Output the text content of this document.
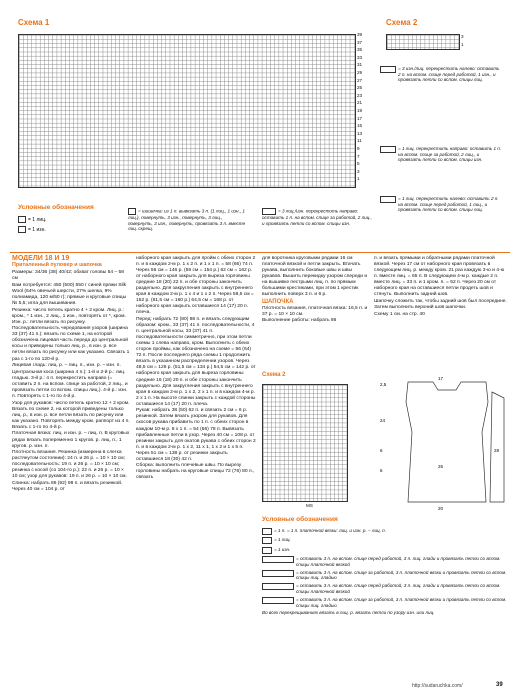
Схема 1
39
37
35
33
31
29
27
25
23
21
19
17
15
13
11
9
7
5
3
1
Схема 2
3
1
= 3 изн./лиц. перекрестить налево: оставить 2 п. на вспом. спице перед работой, 1 изн., и провязать петли со вспом. спицы лиц.
= 1 лиц. перекрестить направо: оставить 1 п. на вспом. спице за работой, 2 лиц., и провязать петли со вспом. спицы изн.
= 1 лиц. перекрестить налево: оставить 2 п. на вспом. спице перед работой, 1 лиц., и провязать петли со вспом. спицы лиц.
Условные обозначения
= 1 лиц.
= 1 изн.
= шишечка: из 1 п. вывязать 3 п. (1 лиц., 1 изн., 1 лиц.), повернуть, 3 изн., повернуть, 3 лиц., повернуть, 3 изн., повернуть, провязать 3 п. вместе лиц. скрещ.
= 3 лиц./изн. перекрестить направо: оставить 1 п. на вспом. спице за работой, 2 лиц., и провязать петли со вспом. спицы изн.
МОДЕЛИ 18 И 19
Приталенный пуловер и шапочка

Размеры: 34/36 (38) 40/42; обхват головы 54 – 58 см

Вам потребуется: 450 (500) 550 г синей пряжи Silk Wool (64% овечьей шерсти, 27% шелка, 9% полиамида, 120 м/50 г); прямые и круговые спицы № 5,5; игла для вышивания.

Резинка: число петель кратно 4 + 2 кром. Лиц. р.: кром., * 1 изн., 2 лиц., 1 изн., повторять от *, кром. Изн. р.: петли вязать по рисунку.

Последовательность чередования узоров (ширина 33 (37) 41 п.): вязать по схеме 1, на которой обозначена лицевая часть переда до центральной косы и приведены только лиц. р., в изн. р. все петли вязать по рисунку или как указано. Связать 1 раз с 1-го по 120-й р.

Лицевая гладь: лиц. р. – лиц. п., изн. р. – изн. п.

Центральная коса (ширина 4 п.): 1-й и 2-й р.: лиц. гладью. 3-й р.: 4 п. перекрестить направо (= оставить 2 п. на вспом. спице за работой, 2 лиц., и провязать петли со вспом. спицы лиц.). 4-й р.: изн. п. Повторять с 1-го по 4-й р.

Узор для рукавов: число петель кратно 12 + 2 кром. Вязать по схеме 2, на которой приведены только лиц. р., в изн. р. все петли вязать по рисунку или как указано. Повторять между кром. раппорт из 4 п. Вязать с 1-го по 4-й р.

Платочная вязка: лиц. и изн. р. – лиц. п. В круговых рядах вязать попеременно 1 кругов. р. лиц. п., 1 кругов. р. изн. п.

Плотность вязания. Резинка (измерена в слегка растянутом состоянии): 24 п. и 26 р. = 10 × 10 см; последовательность: 19 п. и 26 р. = 10 × 10 см; резинка с косой (со 104-го р.): 22 п. и 26 р. = 10 × 10 см; узор для рукавов: 19 п. и 26 р. = 10 × 10 см.

Спинка: набрать 86 (92) 98 п. и вязать резинкой. Через 40 см = 104 р. от

наборного края закрыть для пройм с обеих сторон 2 п. и в каждом 2-м р. 1 х 2 п. и 1 х 1 п. = 58 (66) 74 п. Через 56 см = 146 р. (59 см = 154 р.) 62 см = 162 р. от наборного края закрыть для выреза горловины средние 18 (20) 22 п. и обе стороны закончить раздельно. Для закругления закрыть с внутреннего края в каждом 2-м р. 1 х 4 и 1 х 2 п. Через 58,5 см = 152 р. (61,5 см = 160 р.) 64,5 см = 168 р. от наборного края закрыть оставшиеся 14 (17) 20 п. плеча.

Перед: набрать 72 (80) 88 п. и вязать следующим образом: кром., 33 (37) 41 п. последовательности, 4 п. центральной косы, 33 (37) 41 п. последовательности симметрично, при этом петли схемы 1 слева направо, кром. Выполнить с обеих сторон проймы, как обозначено на схеме = 56 (64) 72 п. После последнего ряда схемы 1 продолжить вязать в указанном распределении узоров. Через 48,5 см = 126 р. (51,5 см = 134 р.) 54,5 см = 142 р. от наборного края закрыть для выреза горловины средние 16 (18) 20 п. и обе стороны закончить раздельно. Для закругления закрыть с внутреннего края в каждом 2-м р. 1 х 2, 2 х 1 п. и в каждом 4-м р. 2 х 1 п. На высоте спинки закрыть с каждой стороны оставшиеся 14 (17) 20 п. плеча.

Рукав: набрать 38 (50) 62 п. и связать 2 см = 6 р. резинкой. Затем вязать узором для рукавов. Для скосов рукава прибавить по 1 п. с обеих сторон в каждом 10-м р. 8 х 1 п. = 54 (66) 78 п. Вывязать прибавленные петли в узор. Через 40 см = 108 р. от резинки закрыть для окатов рукава с обеих сторон 2 п. и в каждом 2-м р. 1 х 2, 11 х 1, 1 х 2 и 1 х 5 п. Через 51 см = 138 р. от резинки закрыть оставшиеся 18 (30) 42 п.

Сборка: выполнить плечевые швы. По вырезу горловины набрать на круговые спицы 72 (76) 80 п., связать

для воротника круговыми рядами 16 см платочной вязкой и петли закрыть. Втачать рукава, выполнить боковые швы и швы рукавов. Вышить перекидку узором спереди и на вышивке пестрыми лиц. п. по прямым большими крестиками, при этом 1 крестик выполнить поверх 3 п. и 6 р.

ШАПОЧКА

Плотность вязания, платочная вязка: 16,5 п. и 37 р. = 10 × 10 см.

Выполнение работы: набрать 86

п. и вязать прямыми и обратными рядами платочной вязкой. Через 17 см от наборного края провязать в следующем лиц. р. между кром. 21 раз каждую 3-ю и 4-ю п. вместе лиц. = 65 п. В следующем 4-м р. каждые 2 п. вместе лиц. = 33 п. и 1 кром. п. = 52 п. Через 20 см от наборного края на оставшиеся петли продеть шов и стянуть. Выполнить задний шов.

Шапочку сложить так, чтобы задний шов был посередине. Затем выполнить верхний шов шапочки.

Схему 1 см. на стр. 40

Схема 2
MS
2,5
17
26
20
24
6
6
28
Условные обозначения
= 1 п. = 1 п. платочной вязки: лиц. и изн. р. – лиц. п.
= 1 лиц.
= 1 изн.
= оставить 3 п. на вспом. спице перед работой, 3 п. лиц. глади и провязать петли со вспом. спицы платочной вязкой
= оставить 3 п. на вспом. спице за работой, 3 п. платочной вязки и провязать петли со вспом. спицы лиц. гладью
= оставить 3 п. на вспом. спице перед работой, 3 п. лиц. глади и провязать петли со вспом. спицы платочной вязкой
= оставить 3 п. на вспом. спице за работой, 3 п. платочной вязки и провязать петли со вспом. спицы лиц. гладью
Во всех перекрещиваниях вязать в лиц. р. вязать петли по узору изн. или лиц.
http://sudaruchka.com/	39
